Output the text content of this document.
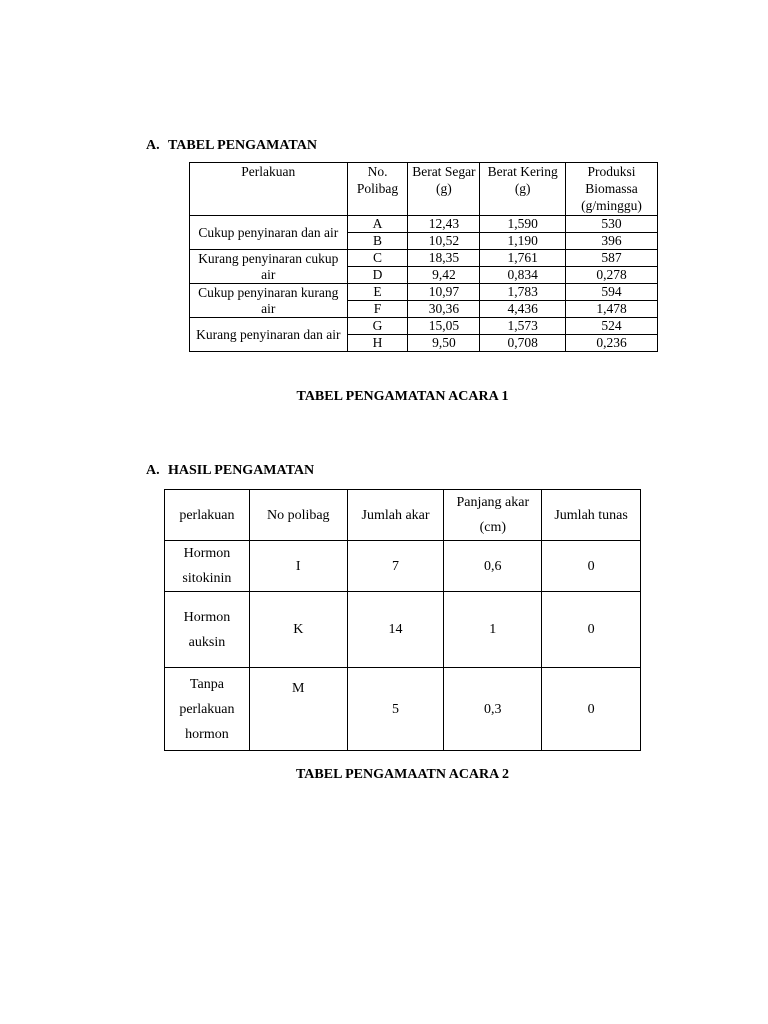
A. TABEL PENGAMATAN
Perlakuan	No. Polibag	Berat Segar (g)	Berat Kering (g)	Produksi Biomassa (g/minggu)
Cukup penyinaran dan air	A	12,43	1,590	530
	B	10,52	1,190	396
Kurang penyinaran cukup air	C	18,35	1,761	587
	D	9,42	0,834	0,278
Cukup penyinaran kurang air	E	10,97	1,783	594
	F	30,36	4,436	1,478
Kurang penyinaran dan air	G	15,05	1,573	524
	H	9,50	0,708	0,236
TABEL PENGAMATAN ACARA 1
A. HASIL PENGAMATAN
perlakuan	No polibag	Jumlah akar	Panjang akar (cm)	Jumlah tunas
Hormon sitokinin	I	7	0,6	0
Hormon auksin	K	14	1	0
Tanpa perlakuan hormon	M	5	0,3	0
TABEL PENGAMAATN ACARA 2
